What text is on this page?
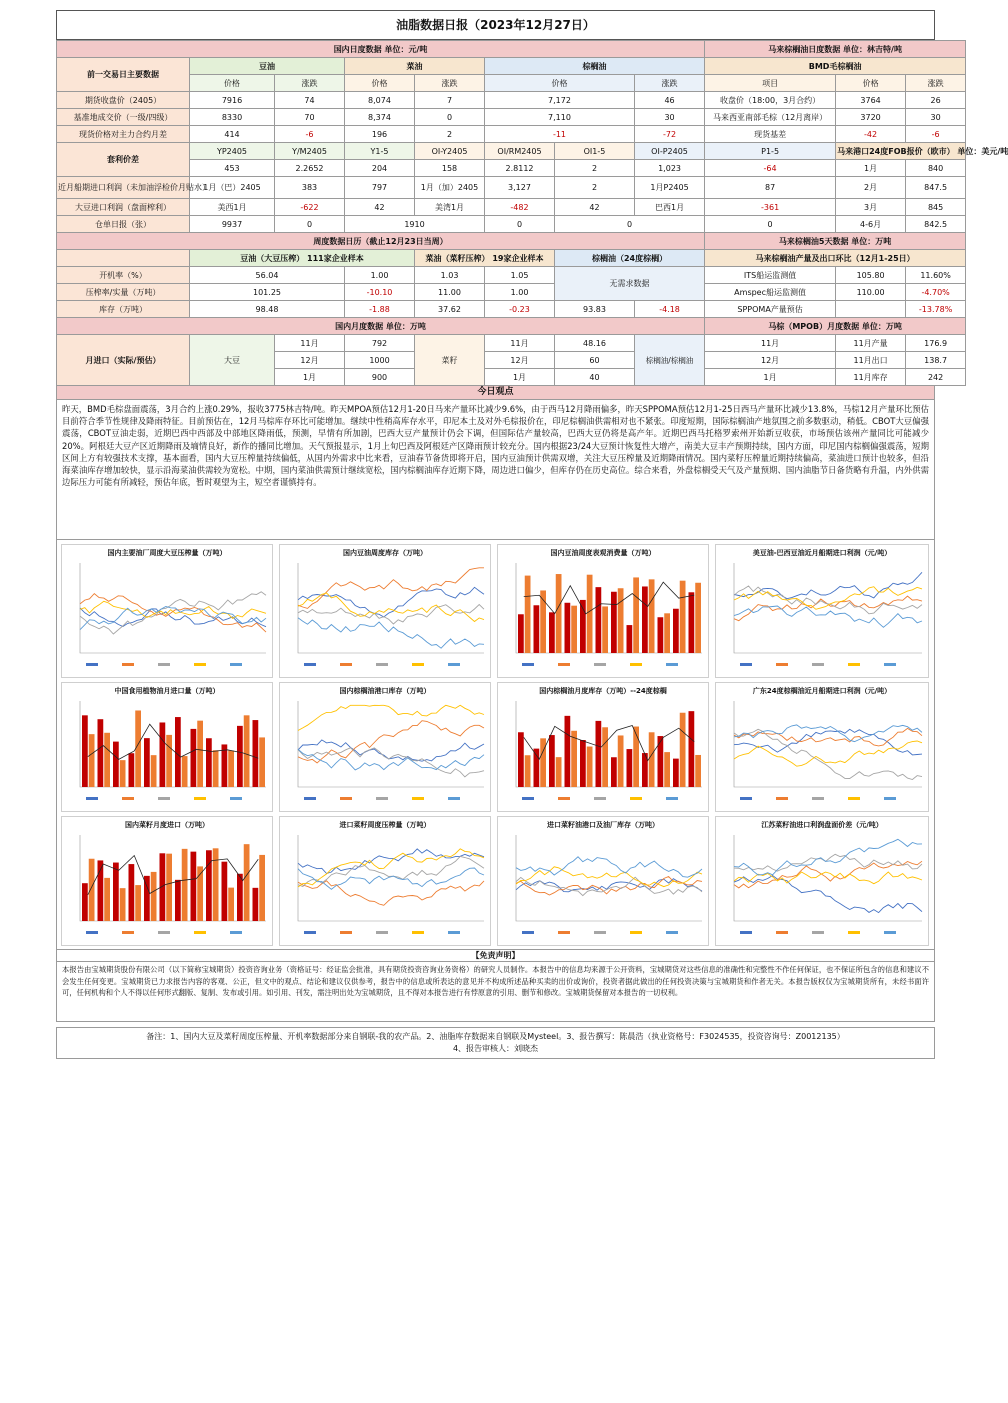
油脂数据日报（2023年12月27日）
国内日度数据 单位：元/吨								马来棕榈油日度数据 单位：林吉特/吨			
前一交易日主要数据	豆油		菜油		棕榈油			BMD毛棕榈油			
	价格	涨跌	价格	涨跌	价格		涨跌	项目	价格	涨跌	
期货收盘价（2405）	7916	74	8,074	7	7,172		46	收盘价（18:00，3月合约）	3764	26	
基准地成交价（一级/四级）	8330	70	8,374	0	7,110		30	马来西亚南部毛棕（12月离岸）	3720	30	
现货价格对主力合约月差	414	-6	196	2	-11		-72	现货基差	-42	-6	
套利价差	YP2405	Y/M2405	Y1-5	OI-Y2405	OI/RM2405	OI1-5	OI-P2405	P1-5	马来港口24度FOB报价（欧市） 单位：美元/吨		
	453	2.2652	204	158	2.8112	2	1,023	-64	1月	840	
近月船期进口利润（未加油浮检价月贴水）	1月（巴）2405	383	797	1月（加）2405	3,127	2	1月P2405	87	2月	847.5	
大豆进口利润（盘面榨利）	美西1月	-622	42	美湾1月	-482	42	巴西1月	-361	3月	845	
仓单日报（张）	9937	0	1910		0	0		0	4-6月	842.5	
周度数据日历（截止12月23日当周）								马来棕榈油5天数据 单位：万吨			
	豆油（大豆压榨） 111家企业样本			菜油（菜籽压榨） 19家企业样本		棕榈油（24度棕榈）		马来棕榈油产量及出口环比（12月1-25日）			
开机率（%）	56.04		1.00	1.03	1.05	无需求数据		ITS船运监测值	105.80	11.60%	
压榨率/实量（万吨）	101.25		-10.10	11.00	1.00			Amspec船运监测值	110.00	-4.70%	
库存（万吨）	98.48		-1.88	37.62	-0.23	93.83	-4.18	SPPOMA产量预估		-13.78%	
国内月度数据 单位：万吨								马棕（MPOB）月度数据 单位：万吨			
月进口（实际/预估）	大豆	11月	792	菜籽	11月	48.16	棕榈油/棕榈油	11月	11月产量	176.9	
		12月	1000		12月	60		12月	11月出口	138.7	
		1月	900		1月	40		1月	11月库存	242	
今日观点
昨天，BMD毛棕盘面震荡，3月合约上涨0.29%，报收3775林吉特/吨。昨天MPOA预估12月1-20日马来产量环比减少9.6%，由于西马12月降雨偏多，昨天SPPOMA预估12月1-25日西马产量环比减少13.8%，马棕12月产量环比预估目前符合季节性规律及降雨特征。目前预估在，12月马棕库存环比可能增加。继续中性稍高库存水平，印尼本土及对外毛棕报价在，印尼棕榈油供需相对也不紧张。印度短期，国际棕榈油产地氛围之前多数驱动，稍低。CBOT大豆偏强震荡，CBOT豆油走弱，近期巴西中西部及中部地区降雨低，预测，早情有所加剧，巴西大豆产量预计仍会下调，但国际估产量较高，巴西大豆仍将是高产年。近期巴西马托格罗索州开始新豆收获，市场预估该州产量同比可能减少20%。阿根廷大豆产区近期降雨及墒情良好，新作的播同比增加。天气预报显示，1月上旬巴西及阿根廷产区降雨预计较充分。国内根据23/24大豆预计恢复性大增产，南美大豆丰产预期持续，国内方面，印尼国内棕榈偏强震荡，短期区间上方有较强技术支撑，基本面看，国内大豆压榨量持续偏低，从国内外需求中比来看，豆油春节备货即将开启，国内豆油预计供需双增，关注大豆压榨量及近期降雨情况。国内菜籽压榨量近期持续偏高，菜油进口预计也较多，但沿海菜油库存增加较快，显示沿海菜油供需较为宽松。中期，国内菜油供需预计继续宽松，国内棕榈油库存近期下降，周边进口偏少，但库存仍在历史高位。综合来看，外盘棕榈受天气及产量预期、国内油脂节日备货略有升温，内外供需边际压力可能有所减轻，预估年底，暂时观望为主，短空者谨慎持有。
国内主要油厂周度大豆压榨量（万吨）	国内豆油周度库存（万吨）	国内豆油周度表观消费量（万吨）	美豆油-巴西豆油近月船期进口利润（元/吨）
中国食用植物油月进口量（万吨）	国内棕榈油港口库存（万吨）	国内棕榈油月度库存（万吨）--24度棕榈	广东24度棕榈油近月船期进口利润（元/吨）
国内菜籽月度进口（万吨）	进口菜籽周度压榨量（万吨）	进口菜籽油港口及油厂库存（万吨）	江苏菜籽油进口利润盘面价差（元/吨）
【免责声明】
本报告由宝城期货股份有限公司（以下简称宝城期货）投资咨询业务（资格证号：经证监会批准，具有期货投资咨询业务资格）的研究人员制作。本报告中的信息均来源于公开资料，宝城期货对这些信息的准确性和完整性不作任何保证，也不保证所包含的信息和建议不会发生任何变更。宝城期货已力求报告内容的客观、公正，但文中的观点、结论和建议仅供参考，报告中的信息或所表达的意见并不构成所述品种买卖的出价或询价，投资者据此做出的任何投资决策与宝城期货和作者无关。本报告版权仅为宝城期货所有，未经书面许可，任何机构和个人不得以任何形式翻版、复制、发布或引用。如引用、刊发，需注明出处为宝城期货，且不得对本报告进行有悖原意的引用、删节和修改。宝城期货保留对本报告的一切权利。
备注：1、国内大豆及菜籽周度压榨量、开机率数据部分来自钢联-我的农产品。2、油脂库存数据来自钢联及Mysteel。3、报告撰写：陈晨浩（执业资格号：F3024535，投资咨询号：Z0012135）
4、报告审核人：刘晓杰
